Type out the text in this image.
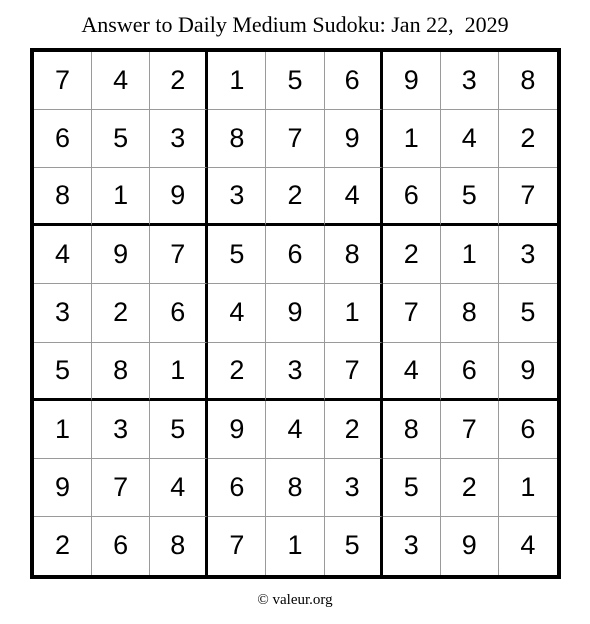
Answer to Daily Medium Sudoku: Jan 22,  2029
7	4	2	1	5	6	9	3	8
6	5	3	8	7	9	1	4	2
8	1	9	3	2	4	6	5	7
4	9	7	5	6	8	2	1	3
3	2	6	4	9	1	7	8	5
5	8	1	2	3	7	4	6	9
1	3	5	9	4	2	8	7	6
9	7	4	6	8	3	5	2	1
2	6	8	7	1	5	3	9	4
© valeur.org
